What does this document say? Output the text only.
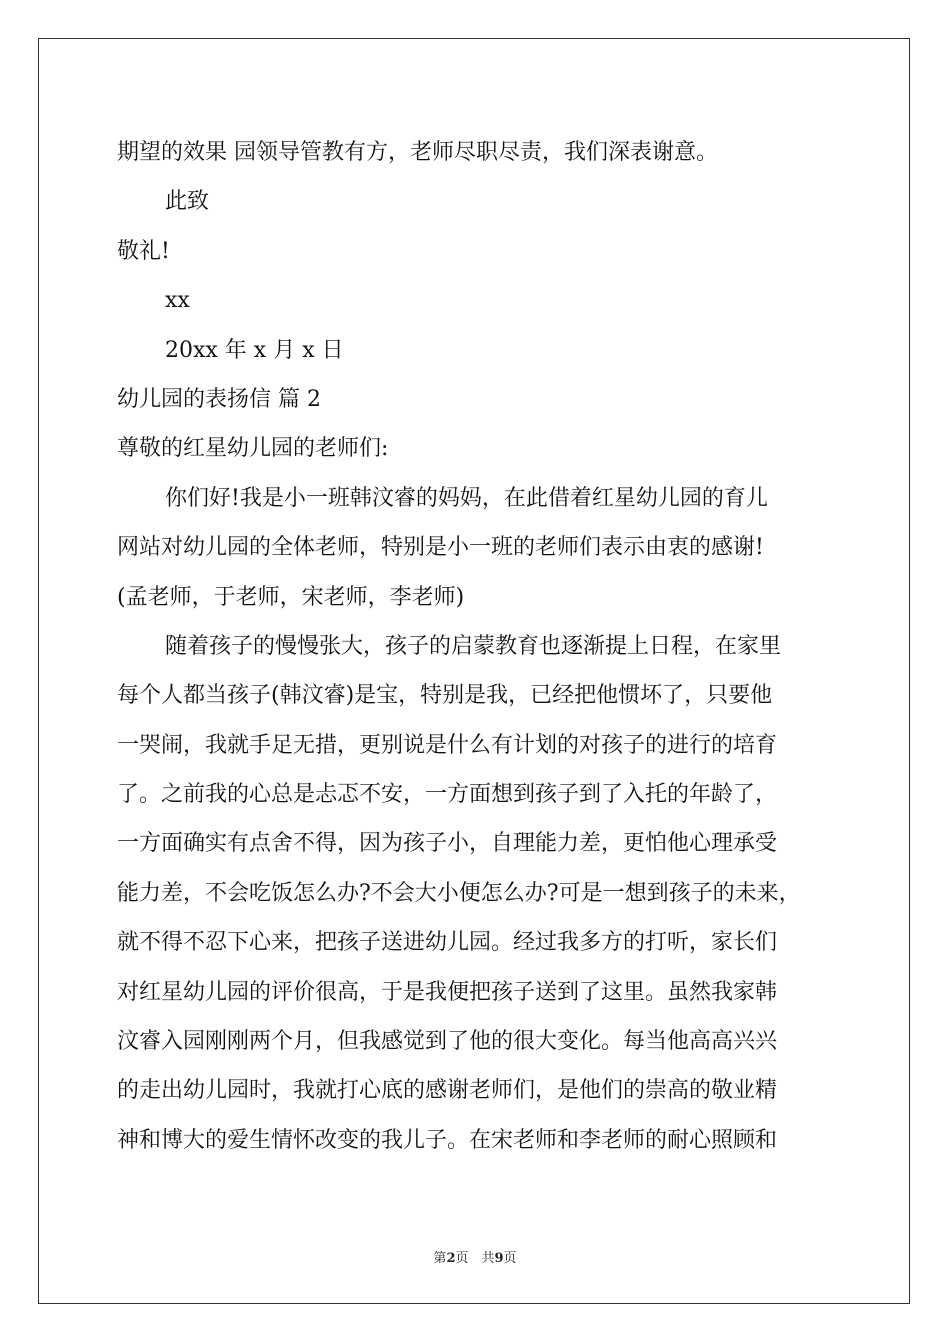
期望的效果 园领导管教有方，老师尽职尽责，我们深表谢意。
此致
敬礼!
xx
20xx 年 x 月 x 日
幼儿园的表扬信 篇 2
尊敬的红星幼儿园的老师们:
你们好!我是小一班韩汶睿的妈妈，在此借着红星幼儿园的育儿
网站对幼儿园的全体老师，特别是小一班的老师们表示由衷的感谢!
(孟老师，于老师，宋老师，李老师)
随着孩子的慢慢张大，孩子的启蒙教育也逐渐提上日程，在家里
每个人都当孩子(韩汶睿)是宝，特别是我，已经把他惯坏了，只要他
一哭闹，我就手足无措，更别说是什么有计划的对孩子的进行的培育
了。之前我的心总是忐忑不安，一方面想到孩子到了入托的年龄了，
一方面确实有点舍不得，因为孩子小，自理能力差，更怕他心理承受
能力差，不会吃饭怎么办?不会大小便怎么办?可是一想到孩子的未来，
就不得不忍下心来，把孩子送进幼儿园。经过我多方的打听，家长们
对红星幼儿园的评价很高，于是我便把孩子送到了这里。虽然我家韩
汶睿入园刚刚两个月，但我感觉到了他的很大变化。每当他高高兴兴
的走出幼儿园时，我就打心底的感谢老师们，是他们的崇高的敬业精
神和博大的爱生情怀改变的我儿子。在宋老师和李老师的耐心照顾和
第2页　共9页
